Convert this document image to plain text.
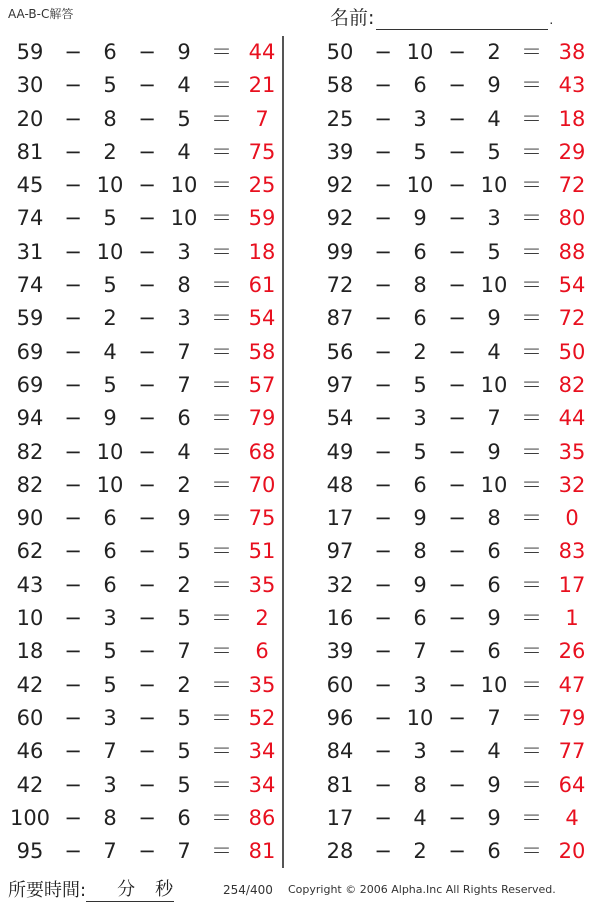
AA-B-C解答	名前:	.
59 −	6	−	9 ＝ 44
30 −	5	−	4 ＝ 21
20 −	8	−	5 ＝	7
81 −	2	−	4 ＝ 75
45 − 10 − 10 ＝ 25
74 −	5	− 10 ＝ 59
31 − 10 −	3 ＝ 18
74 −	5	−	8 ＝ 61
59 −	2	−	3 ＝ 54
69 −	4	−	7 ＝ 58
69 −	5	−	7 ＝ 57
94 −	9	−	6 ＝ 79
82 − 10 −	4 ＝ 68
82 − 10 −	2 ＝ 70
90 −	6	−	9 ＝ 75
62 −	6	−	5 ＝ 51
43 −	6	−	2 ＝ 35
10 −	3	−	5 ＝	2
18 −	5	−	7 ＝	6
42 −	5	−	2 ＝ 35
60 −	3	−	5 ＝ 52
46 −	7	−	5 ＝ 34
42 −	3	−	5 ＝ 34
100 −	8	−	6 ＝ 86
95 −	7	−	7 ＝ 81
50 − 10 −	2 ＝ 38
58 −	6	−	9 ＝ 43
25 −	3	−	4 ＝ 18
39 −	5	−	5 ＝ 29
92 − 10 − 10 ＝ 72
92 −	9	−	3 ＝ 80
99 −	6	−	5 ＝ 88
72 −	8	− 10 ＝ 54
87 −	6	−	9 ＝ 72
56 −	2	−	4 ＝ 50
97 −	5	− 10 ＝ 82
54 −	3	−	7 ＝ 44
49 −	5	−	9 ＝ 35
48 −	6	− 10 ＝ 32
17 −	9	−	8 ＝	0
97 −	8	−	6 ＝ 83
32 −	9	−	6 ＝ 17
16 −	6	−	9 ＝	1
39 −	7	−	6 ＝ 26
60 −	3	− 10 ＝ 47
96 − 10 −	7 ＝ 79
84 −	3	−	4 ＝ 77
81 −	8	−	9 ＝ 64
17 −	4	−	9 ＝	4
28 −	2	−	6 ＝ 20
所要時間: 分 秒	254/400 Copyright © 2006 Alpha.Inc All Rights Reserved.
